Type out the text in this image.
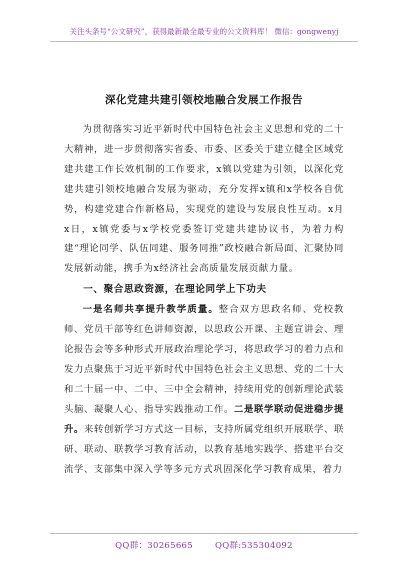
关注头条号“公文研究”，获得最新最全最专业的公文资料库！ 微信：gongwenyj
深化党建共建引领校地融合发展工作报告

为贯彻落实习近平新时代中国特色社会主义思想和党的二十大精神，进一步贯彻落实省委、市委、区委关于建立健全区域党建共建工作长效机制的工作要求，x镇以党建为引领，以深化党建共建引领校地融合发展为驱动，充分发挥x镇和x学校各自优势，构建党建合作新格局，实现党的建设与发展良性互动。x月x日，x镇党委与x学校党委签订党建共建协议书，为着力构建“理论同学、队伍同建、服务同推”政校融合新局面、汇聚协同发展新动能，携手为x经济社会高质量发展贡献力量。

一、聚合思政资源，在理论同学上下功夫

一是名师共享提升教学质量。整合双方思政名师、党校教师、党员干部等红色讲师资源，以思政公开课、主题宣讲会、理论报告会等多种形式开展政治理论学习，将思政学习的着力点和发力点聚焦于习近平新时代中国特色社会主义思想、党的二十大和二十届一中、二中、三中全会精神，持续用党的创新理论武装头脑、凝聚人心、指导实践推动工作。二是联学联动促进稳步提升。来转创新学习方式这一目标，支持所属党组织开展联学、联研、联动、联教学习教育活动，以教育基地实践学、搭建平台交流学、支部集中深入学等多元方式巩固深化学习教育成果，着力

QQ群：30265665	QQ群:535304092
